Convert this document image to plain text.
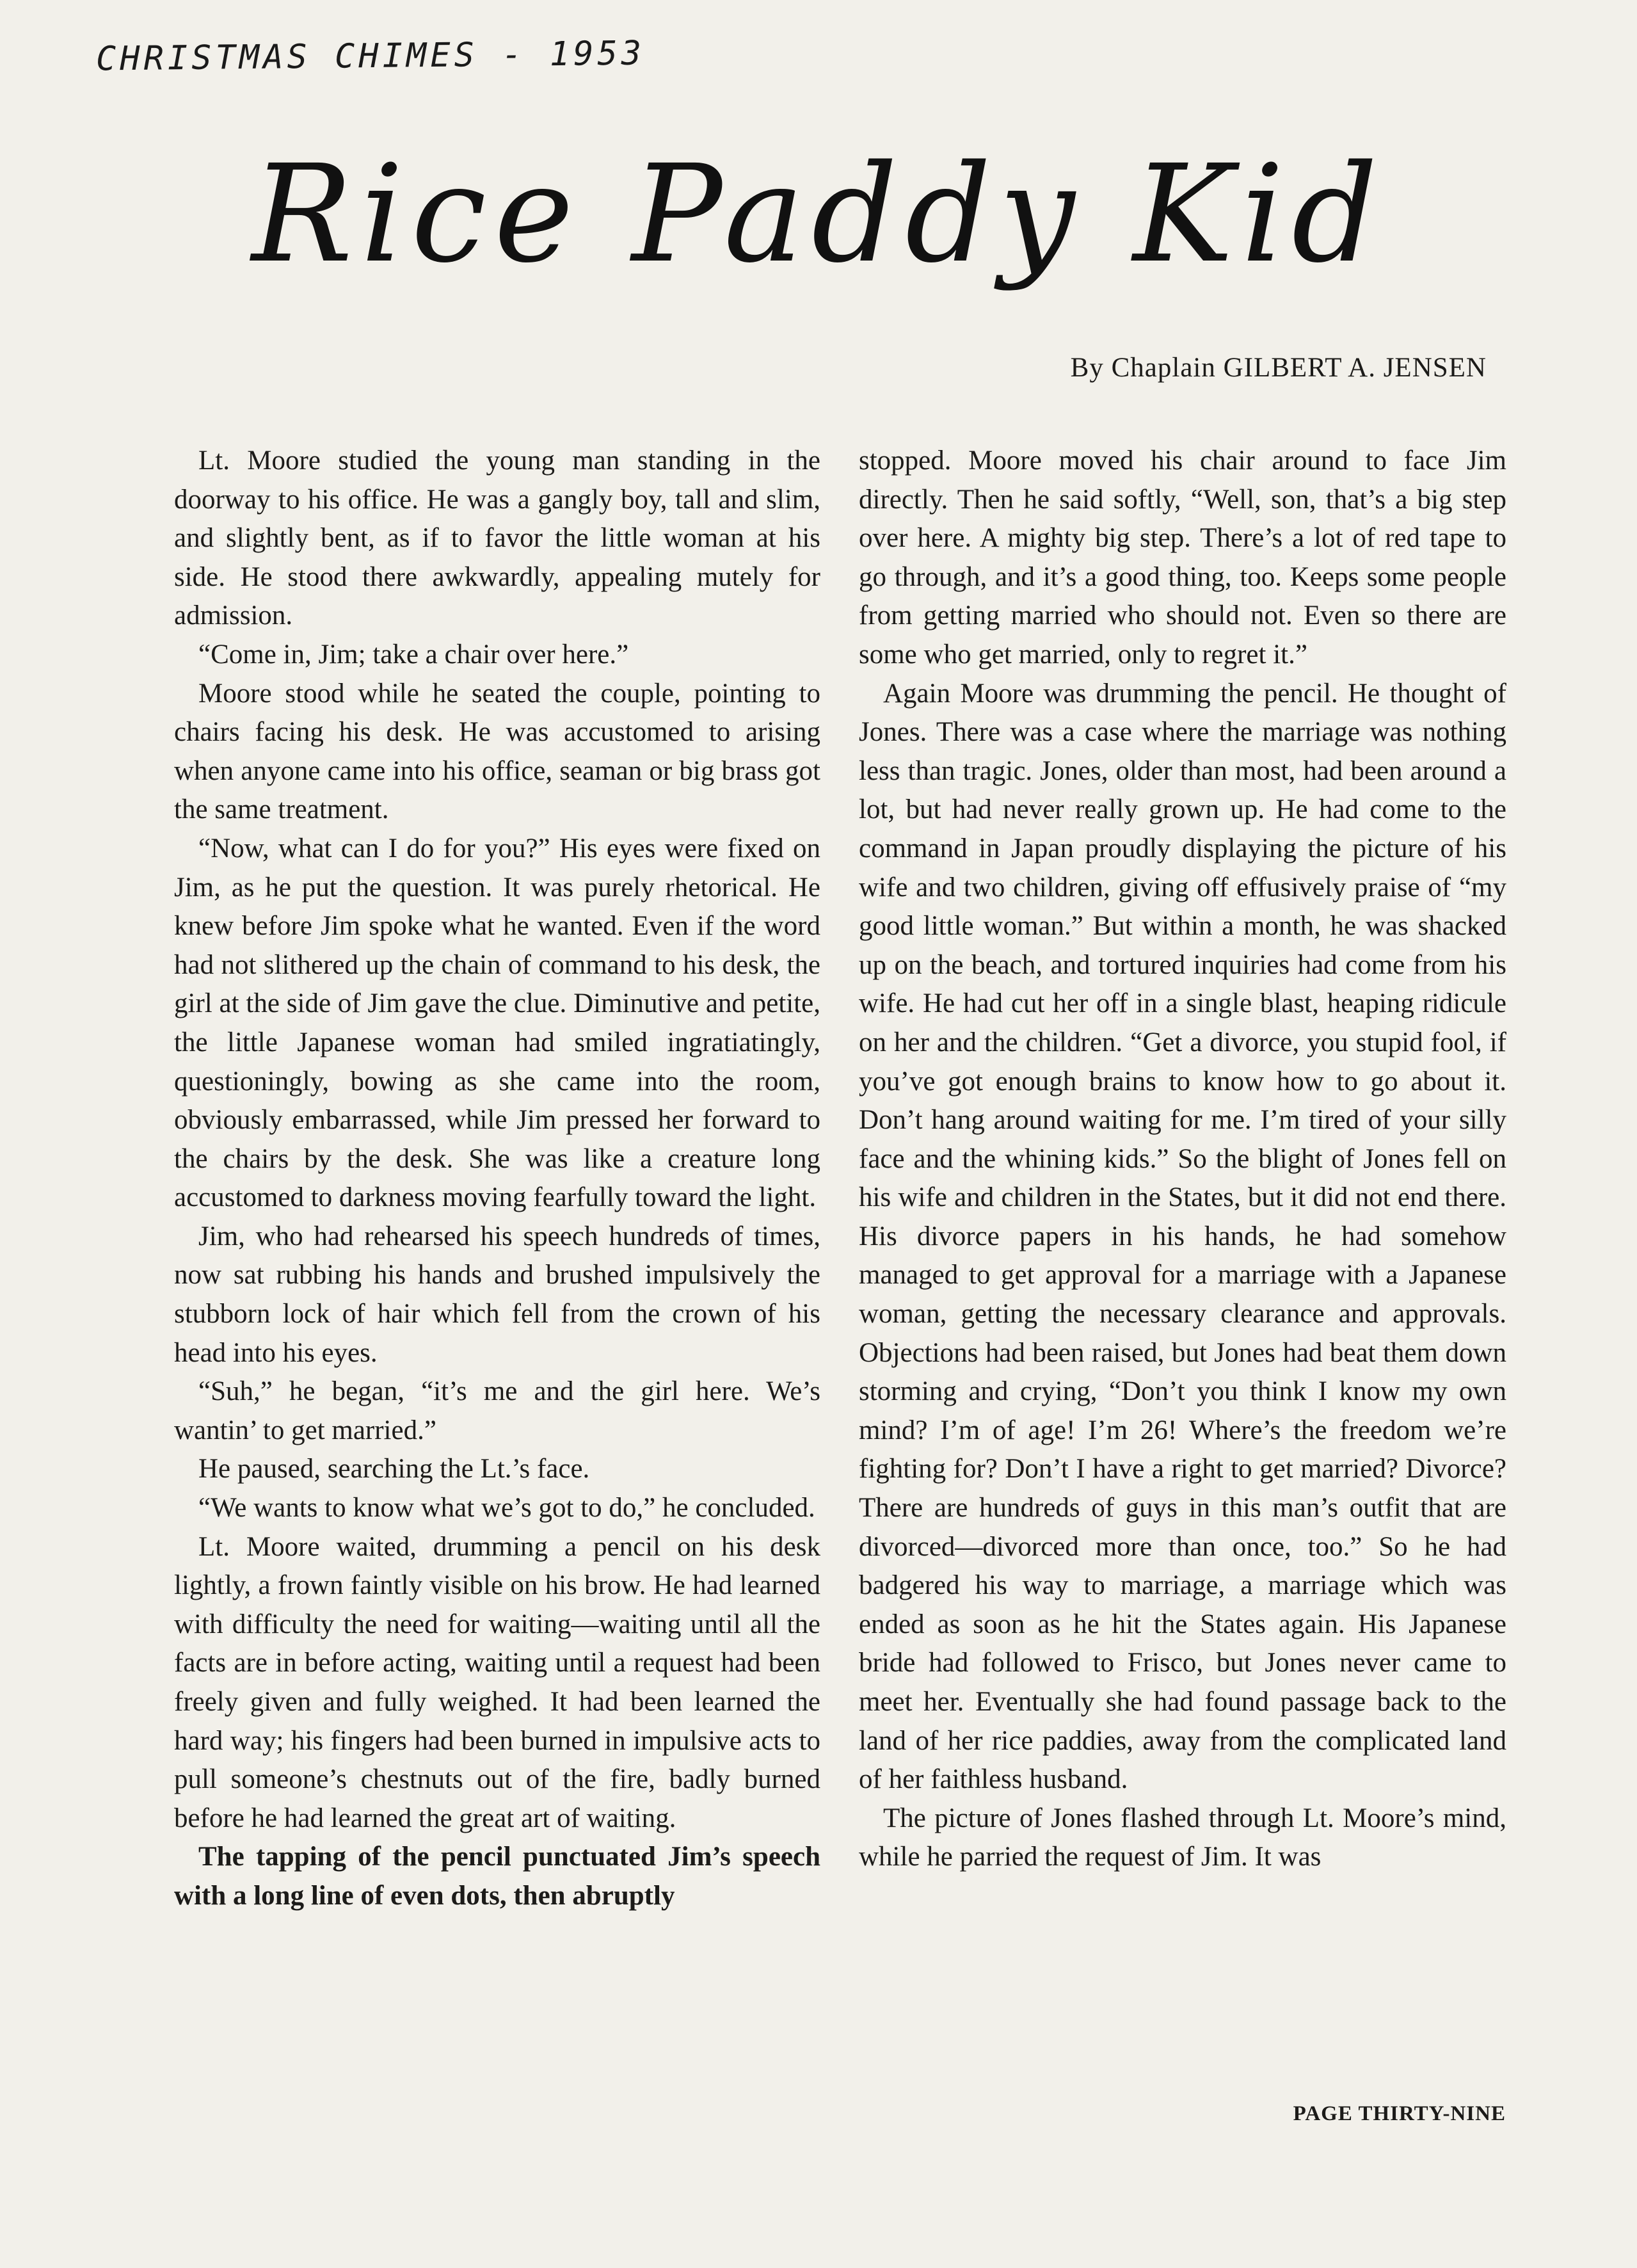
CHRISTMAS CHIMES - 1953
Rice Paddy Kid
By Chaplain GILBERT A. JENSEN

Lt. Moore studied the young man standing in the doorway to his office. He was a gangly boy, tall and slim, and slightly bent, as if to favor the little woman at his side. He stood there awkwardly, appealing mutely for admission.

“Come in, Jim; take a chair over here.”

Moore stood while he seated the couple, pointing to chairs facing his desk. He was accustomed to arising when anyone came into his office, seaman or big brass got the same treatment.

“Now, what can I do for you?” His eyes were fixed on Jim, as he put the question. It was purely rhetorical. He knew before Jim spoke what he wanted. Even if the word had not slithered up the chain of command to his desk, the girl at the side of Jim gave the clue. Diminutive and petite, the little Japanese woman had smiled ingratiatingly, questioningly, bowing as she came into the room, obviously embarrassed, while Jim pressed her forward to the chairs by the desk. She was like a creature long accustomed to darkness moving fearfully toward the light.

Jim, who had rehearsed his speech hundreds of times, now sat rubbing his hands and brushed impulsively the stubborn lock of hair which fell from the crown of his head into his eyes.

“Suh,” he began, “it’s me and the girl here. We’s wantin’ to get married.”

He paused, searching the Lt.’s face.

“We wants to know what we’s got to do,” he concluded.

Lt. Moore waited, drumming a pencil on his desk lightly, a frown faintly visible on his brow. He had learned with difficulty the need for waiting—waiting until all the facts are in before acting, waiting until a request had been freely given and fully weighed. It had been learned the hard way; his fingers had been burned in impulsive acts to pull someone’s chestnuts out of the fire, badly burned before he had learned the great art of waiting.

The tapping of the pencil punctuated Jim’s speech with a long line of even dots, then abruptly

stopped. Moore moved his chair around to face Jim directly. Then he said softly, “Well, son, that’s a big step over here. A mighty big step. There’s a lot of red tape to go through, and it’s a good thing, too. Keeps some people from getting married who should not. Even so there are some who get married, only to regret it.”

Again Moore was drumming the pencil. He thought of Jones. There was a case where the marriage was nothing less than tragic. Jones, older than most, had been around a lot, but had never really grown up. He had come to the command in Japan proudly displaying the picture of his wife and two children, giving off effusively praise of “my good little woman.” But within a month, he was shacked up on the beach, and tortured inquiries had come from his wife. He had cut her off in a single blast, heaping ridicule on her and the children. “Get a divorce, you stupid fool, if you’ve got enough brains to know how to go about it. Don’t hang around waiting for me. I’m tired of your silly face and the whining kids.” So the blight of Jones fell on his wife and children in the States, but it did not end there. His divorce papers in his hands, he had somehow managed to get approval for a marriage with a Japanese woman, getting the necessary clearance and approvals. Objections had been raised, but Jones had beat them down storming and crying, “Don’t you think I know my own mind? I’m of age! I’m 26! Where’s the freedom we’re fighting for? Don’t I have a right to get married? Divorce? There are hundreds of guys in this man’s outfit that are divorced—divorced more than once, too.” So he had badgered his way to marriage, a marriage which was ended as soon as he hit the States again. His Japanese bride had followed to Frisco, but Jones never came to meet her. Eventually she had found passage back to the land of her rice paddies, away from the complicated land of her faithless husband.

The picture of Jones flashed through Lt. Moore’s mind, while he parried the request of Jim. It was

PAGE THIRTY-NINE
